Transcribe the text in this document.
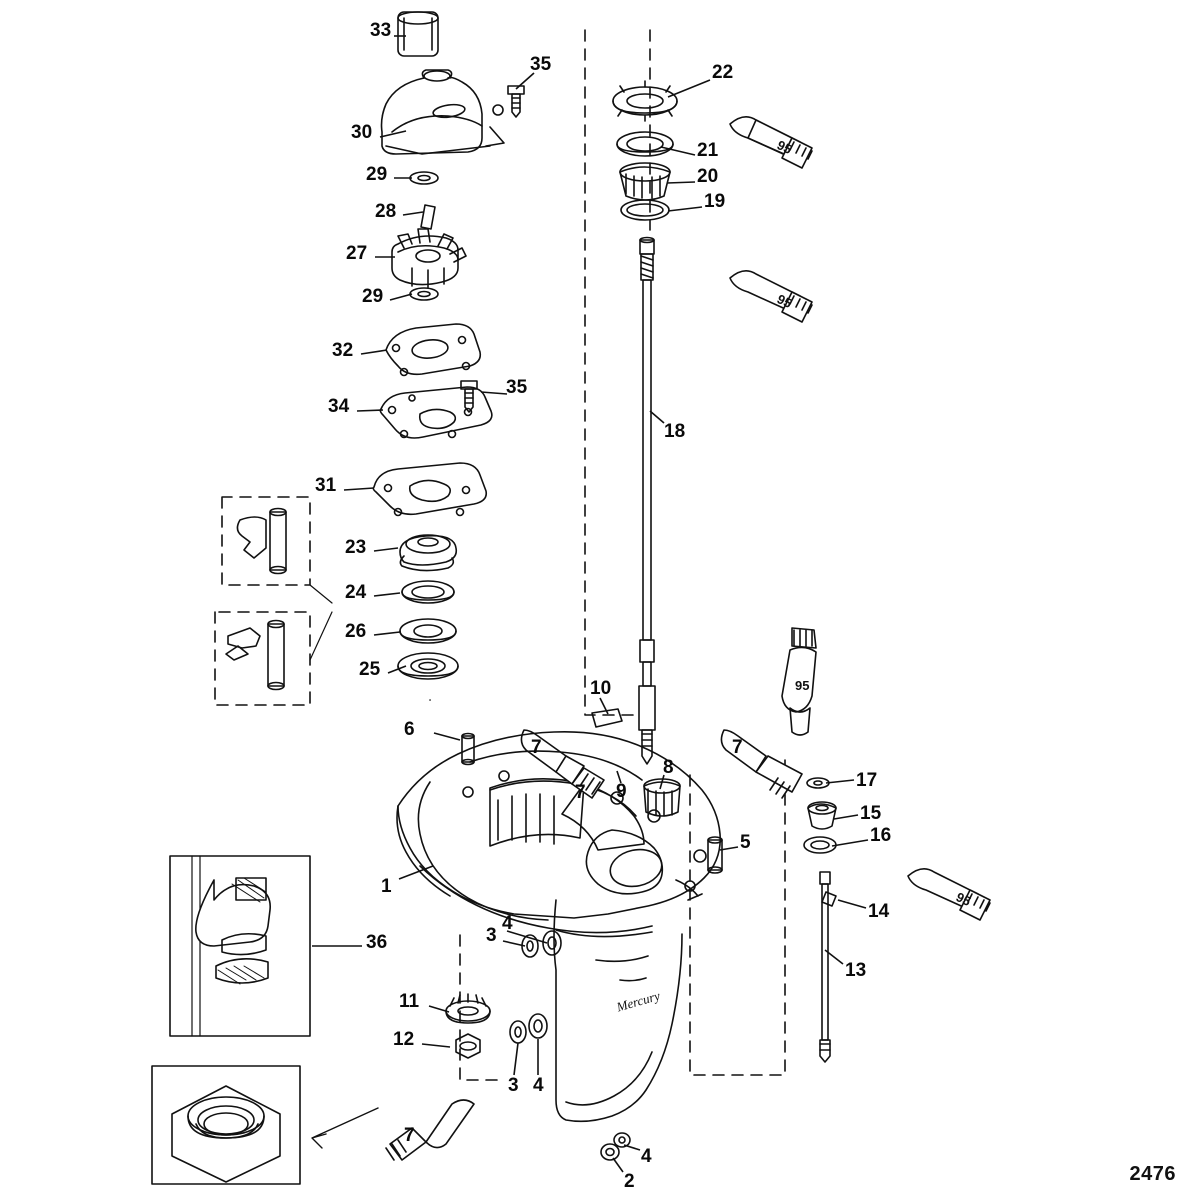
Mercury
95
95
95
95
33
35
30
29
28
27
29
32
35
34
31
23
24
26
25
22
21
20
19
18
10
6
7
7 9
8
7
17
15
16
5
1
14
13
4
3
36
11
12
3 4
7
2
4
2476
